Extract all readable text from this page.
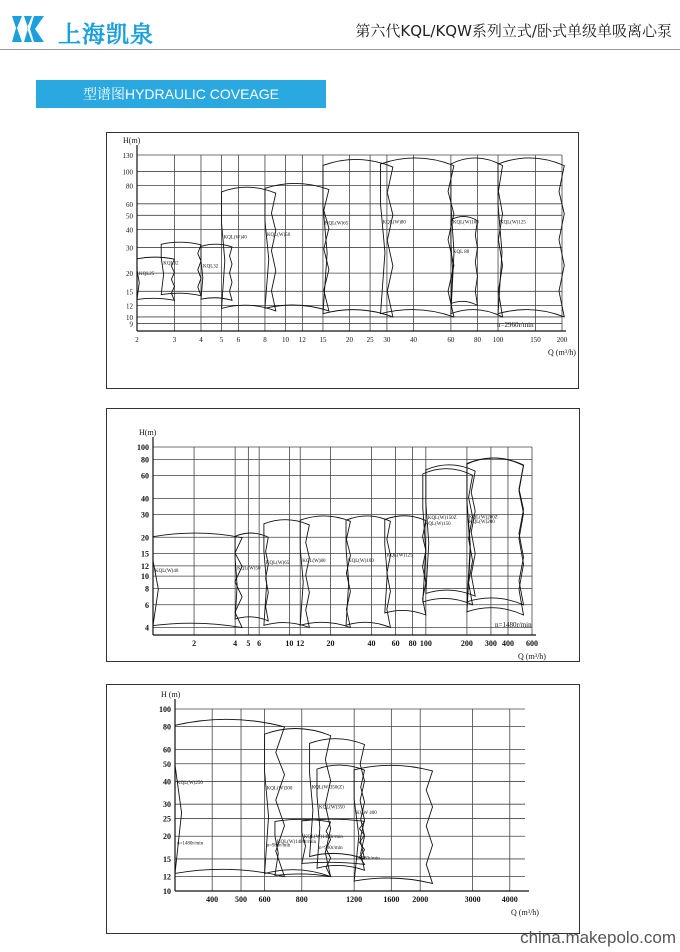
上海凯泉	第六代KQL/KQW系列立式/卧式单级单吸离心泵
型谱图HYDRAULIC COVEAGE
2	3	4 5 6	8 10 12 15	20 25 30	40	60	80 100	150 200
9
10
12
15
20
30
40
50
60
80
100
130
H(m)
Q (m³/h)
n=2960r/min
KQL25
KQL32
KQL32
KQL(W)40	KQL(W)50
KQL(W)65	KQL(W)80
KQL 80
KQL(W)100	KQL(W)125
2	4 5 6	10 12	20	40 60 80 100	200 300 400 600
4
6
8
10
12
15
20
30
40
60
80
100
H(m)
Q (m³/h)
n=1480r/min
KQL(W)40
KQL(W)50
KQL(W)65	KQL(W)80	KQL(W)100
KQL(W)125
KQL(W)150	KQL(W)200
KQL(W)150Z KQL(W)200Z
400 500 600	800	1200	1600 2000	3000	4000
10
12
15
20
25
30
40
50
60
80
100
H (m)
Q (m³/h)
KQL(W)250
n=1480r/min
KQL(W)300
n=980r/min
KQL(W)1480r/min
KQL(W)350
n=980r/min
KQL(W)350(Z)
KQL(W)1480r/min
KQW 400
n=980r/min
china.makepolo.com
